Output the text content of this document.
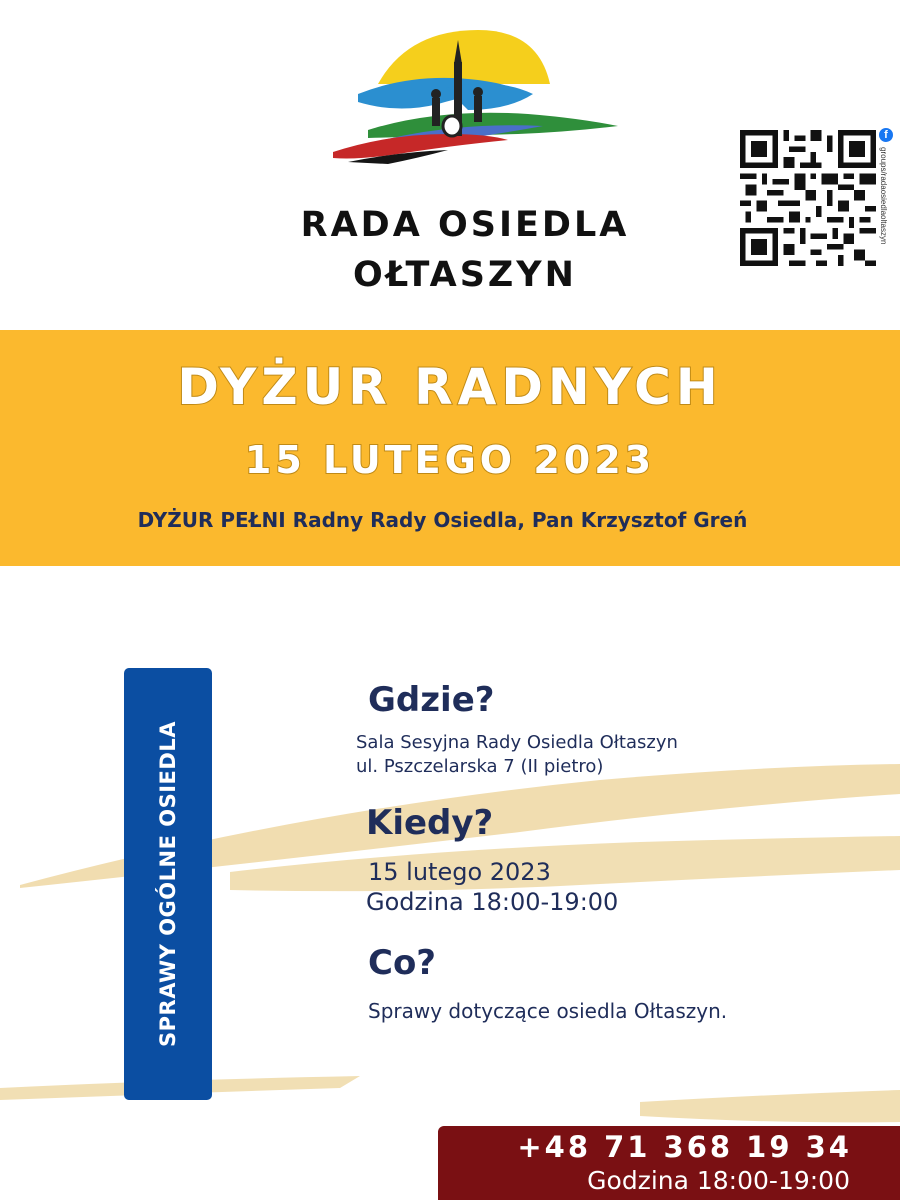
RADA OSIEDLA
OŁTASZYN
f
groups/radaosiedlaoltaszyn
DYŻUR RADNYCH
15 LUTEGO 2023
DYŻUR PEŁNI Radny Rady Osiedla, Pan Krzysztof Greń
SPRAWY OGÓLNE OSIEDLA
Gdzie?
Sala Sesyjna Rady Osiedla Ołtaszyn
ul. Pszczelarska 7 (II pietro)
Kiedy?
15 lutego 2023
Godzina 18:00-19:00
Co?
Sprawy dotyczące osiedla Ołtaszyn.
+48 71 368 19 34
Godzina 18:00-19:00
